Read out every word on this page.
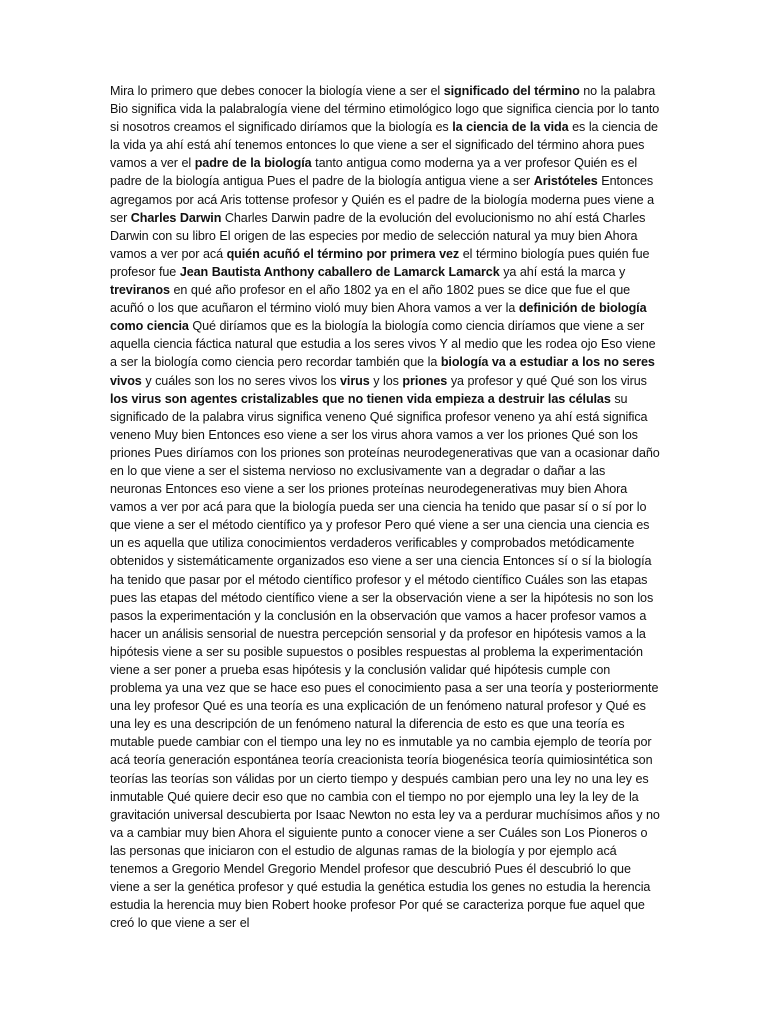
Mira lo primero que debes conocer la biología viene a ser el significado del término no la palabra Bio significa vida la palabralogía viene del término etimológico logo que significa ciencia por lo tanto si nosotros creamos el significado diríamos que la biología es la ciencia de la vida es la ciencia de la vida ya ahí está ahí tenemos entonces lo que viene a ser el significado del término ahora pues vamos a ver el padre de la biología tanto antigua como moderna ya a ver profesor Quién es el padre de la biología antigua Pues el padre de la biología antigua viene a ser Aristóteles Entonces agregamos por acá Aris tottense profesor y Quién es el padre de la biología moderna pues viene a ser Charles Darwin Charles Darwin padre de la evolución del evolucionismo no ahí está Charles Darwin con su libro El origen de las especies por medio de selección natural ya muy bien Ahora vamos a ver por acá quién acuñó el término por primera vez el término biología pues quién fue profesor fue Jean Bautista Anthony caballero de Lamarck Lamarck ya ahí está la marca y treviranos en qué año profesor en el año 1802 ya en el año 1802 pues se dice que fue el que acuñó o los que acuñaron el término violó muy bien Ahora vamos a ver la definición de biología como ciencia Qué diríamos que es la biología la biología como ciencia diríamos que viene a ser aquella ciencia fáctica natural que estudia a los seres vivos Y al medio que les rodea ojo Eso viene a ser la biología como ciencia pero recordar también que la biología va a estudiar a los no seres vivos y cuáles son los no seres vivos los virus y los priones ya profesor y qué Qué son los virus los virus son agentes cristalizables que no tienen vida empieza a destruir las células su significado de la palabra virus significa veneno Qué significa profesor veneno ya ahí está significa veneno Muy bien Entonces eso viene a ser los virus ahora vamos a ver los priones Qué son los priones Pues diríamos con los priones son proteínas neurodegenerativas que van a ocasionar daño en lo que viene a ser el sistema nervioso no exclusivamente van a degradar o dañar a las neuronas Entonces eso viene a ser los priones proteínas neurodegenerativas muy bien Ahora vamos a ver por acá para que la biología pueda ser una ciencia ha tenido que pasar sí o sí por lo que viene a ser el método científico ya y profesor Pero qué viene a ser una ciencia una ciencia es un es aquella que utiliza conocimientos verdaderos verificables y comprobados metódicamente obtenidos y sistemáticamente organizados eso viene a ser una ciencia Entonces sí o sí la biología ha tenido que pasar por el método científico profesor y el método científico Cuáles son las etapas pues las etapas del método científico viene a ser la observación viene a ser la hipótesis no son los pasos la experimentación y la conclusión en la observación que vamos a hacer profesor vamos a hacer un análisis sensorial de nuestra percepción sensorial y da profesor en hipótesis vamos a la hipótesis viene a ser su posible supuestos o posibles respuestas al problema la experimentación viene a ser poner a prueba esas hipótesis y la conclusión validar qué hipótesis cumple con problema ya una vez que se hace eso pues el conocimiento pasa a ser una teoría y posteriormente una ley profesor Qué es una teoría es una explicación de un fenómeno natural profesor y Qué es una ley es una descripción de un fenómeno natural la diferencia de esto es que una teoría es mutable puede cambiar con el tiempo una ley no es inmutable ya no cambia ejemplo de teoría por acá teoría generación espontánea teoría creacionista teoría biogenésica teoría quimiosintética son teorías las teorías son válidas por un cierto tiempo y después cambian pero una ley no una ley es inmutable Qué quiere decir eso que no cambia con el tiempo no por ejemplo una ley la ley de la gravitación universal descubierta por Isaac Newton no esta ley va a perdurar muchísimos años y no va a cambiar muy bien Ahora el siguiente punto a conocer viene a ser Cuáles son Los Pioneros o las personas que iniciaron con el estudio de algunas ramas de la biología y por ejemplo acá tenemos a Gregorio Mendel Gregorio Mendel profesor que descubrió Pues él descubrió lo que viene a ser la genética profesor y qué estudia la genética estudia los genes no estudia la herencia estudia la herencia muy bien Robert hooke profesor Por qué se caracteriza porque fue aquel que creó lo que viene a ser el
